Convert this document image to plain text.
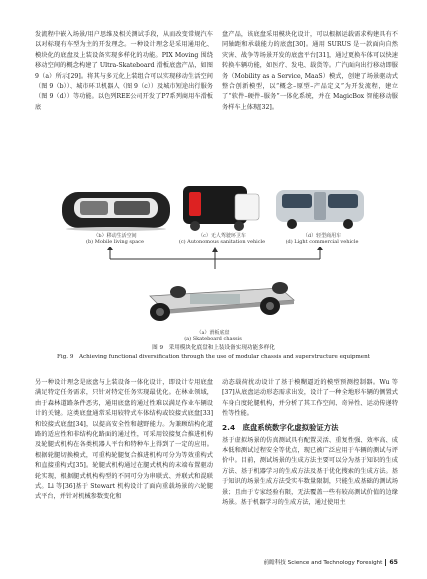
发流程中嵌入场景/用户思维及相关测试手段，从而改变常规汽车以对标现有车型为主的开发理念。一种设计理念是采用通用化、模块化的底盘及上装设备实现多样化的功能。PIX Moving 围绕移动空间的概念构建了 Ultra-Skateboard 滑板底盘产品，如图 9（a）所示[29]。将其与多元化上装组合可以实现移动生活空间（图 9（b））、城市环卫机器人（图 9（c））及城市短途出行服务（图 9（d））等功能。以色列REE公司开发了P7系列商用车滑板底

盘产品，该底盘采用模块化设计，可以根据运载需求构建具有不同轴距和承载能力的底盘[30]。通用 SURUS 是一款面向自然灾害、战争等场景开发的底盘平台[31]，通过更换车体可以快速转换车辆功能，如医疗、发电、载货等。广汽面向出行移动即服务（Mobility as a Service, MaaS）模式，创建了场景驱动式整合创新模型，以“概念–原型–产品定义”为开发流程，建立了“软件–硬件–服务”一体化系统，并在 MagicBox 智能移动服务样车上体现[32]。

（b）移动生活空间
(b) Mobile living space
（c）无人驾驶环卫车
(c) Autonomous sanitation vehicle
（d）轻型商用车
(d) Light commercial vehicle
（a）滑板底盘
(a) Skateboard chassis
图 9　采用模块化底盘和上装设备实现功能多样化
Fig. 9　Achieving functional diversification through the use of modular chassis and superstructure equipment

另一种设计理念是底盘与上装设备一体化设计，即设计专用底盘满足特定任务需求，只针对特定任务实现最优化。在林业领域，由于森林道路条件恶劣，通用底盘的通过性难以满足作业车辆设计的关键。这类底盘通常采用较特式车体结构或铰接式底盘[33]和铰接式底盘[34]，以提高安全性和越野能力。为兼顾结构化道路的适应性和非结构化路面的通过性，可采用铰接复合推进机构及轮腿式机构在各类机器人平台和特种车上得到了一定的应用。根据轮腿切换模式，可重构轮腿复合推进机构可分为等效重构式和直接重构式[35]。轮腿式机构通过在腿式机构的末端布置驱动轮实现，根据腿式机构构型的不同可分为串联式、并联式和混联式。Li 等[36]基于 Stewart 机构设计了面向重载场景的六轮腿式平台，并针对机械参数变化和

动态载荷扰动设计了基于模糊逼近的模型预测控制器。Wu 等[37]从底盘运动形态需求出发，设计了一种全地形车辆的侧置式车身白度轮腿机构，并分析了其工作空间、奇异性、运动传递特性等性能。

2.4　底盘系统数字化虚拟验证方法

基于虚拟场景的仿真测试具有配置灵活、重复性强、效率高、成本低和测试过程安全等优点，现已被广泛应用于车辆的测试与评价中。目前，测试场景的生成方法主要可以分为基于知识的生成方法、基于机器学习的生成方法及基于优化搜索的生成方法。基于知识的场景生成方法受实车数量限制，只能生成基础的测试场景；且由于专家经验有限，无法覆盖一些有较高测试价值的边缘场景。基于机器学习的生成方法，通过使用主

前瞻科技 Science and Technology Foresight 65
